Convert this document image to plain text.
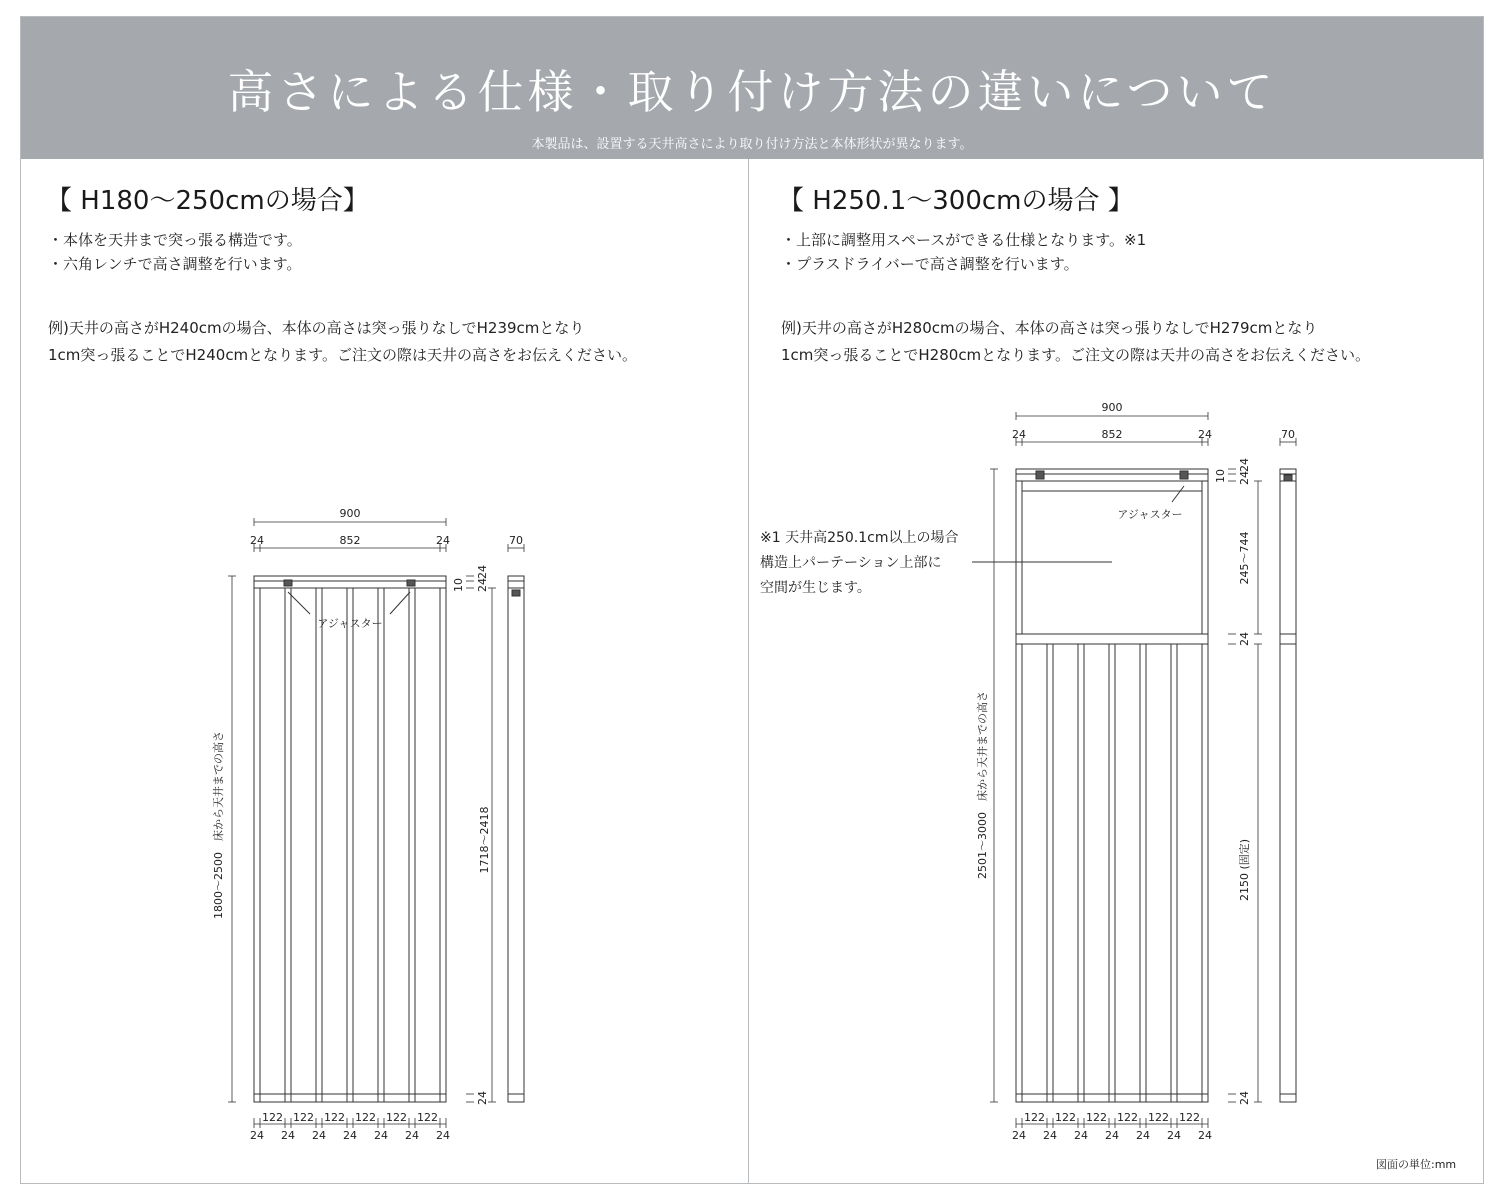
高さによる仕様・取り付け方法の違いについて
本製品は、設置する天井高さにより取り付け方法と本体形状が異なります。
【 H180〜250cmの場合】
・本体を天井まで突っ張る構造です。
・六角レンチで高さ調整を行います。
例)天井の高さがH240cmの場合、本体の高さは突っ張りなしでH239cmとなり
1cm突っ張ることでH240cmとなります。ご注文の際は天井の高さをお伝えください。
【 H250.1〜300cmの場合 】
・上部に調整用スペースができる仕様となります。※1
・プラスドライバーで高さ調整を行います。
例)天井の高さがH280cmの場合、本体の高さは突っ張りなしでH279cmとなり
1cm突っ張ることでH280cmとなります。ご注文の際は天井の高さをお伝えください。
※1 天井高250.1cm以上の場合
構造上パーテーション上部に
空間が生じます。
図面の単位:mm
900
852
24	24	70
アジャスター
10
24
24
24
1800〜2500　床から天井までの高さ	1718〜2418
122 122 122 122 122 122
24 24 24 24 24 24 24
900
852
24	24	70
アジャスター
10
24
24
24
24
2501〜3000　床から天井までの高さ
245〜744
2150 (固定)
122 122 122 122 122 122
24 24 24 24 24 24 24
